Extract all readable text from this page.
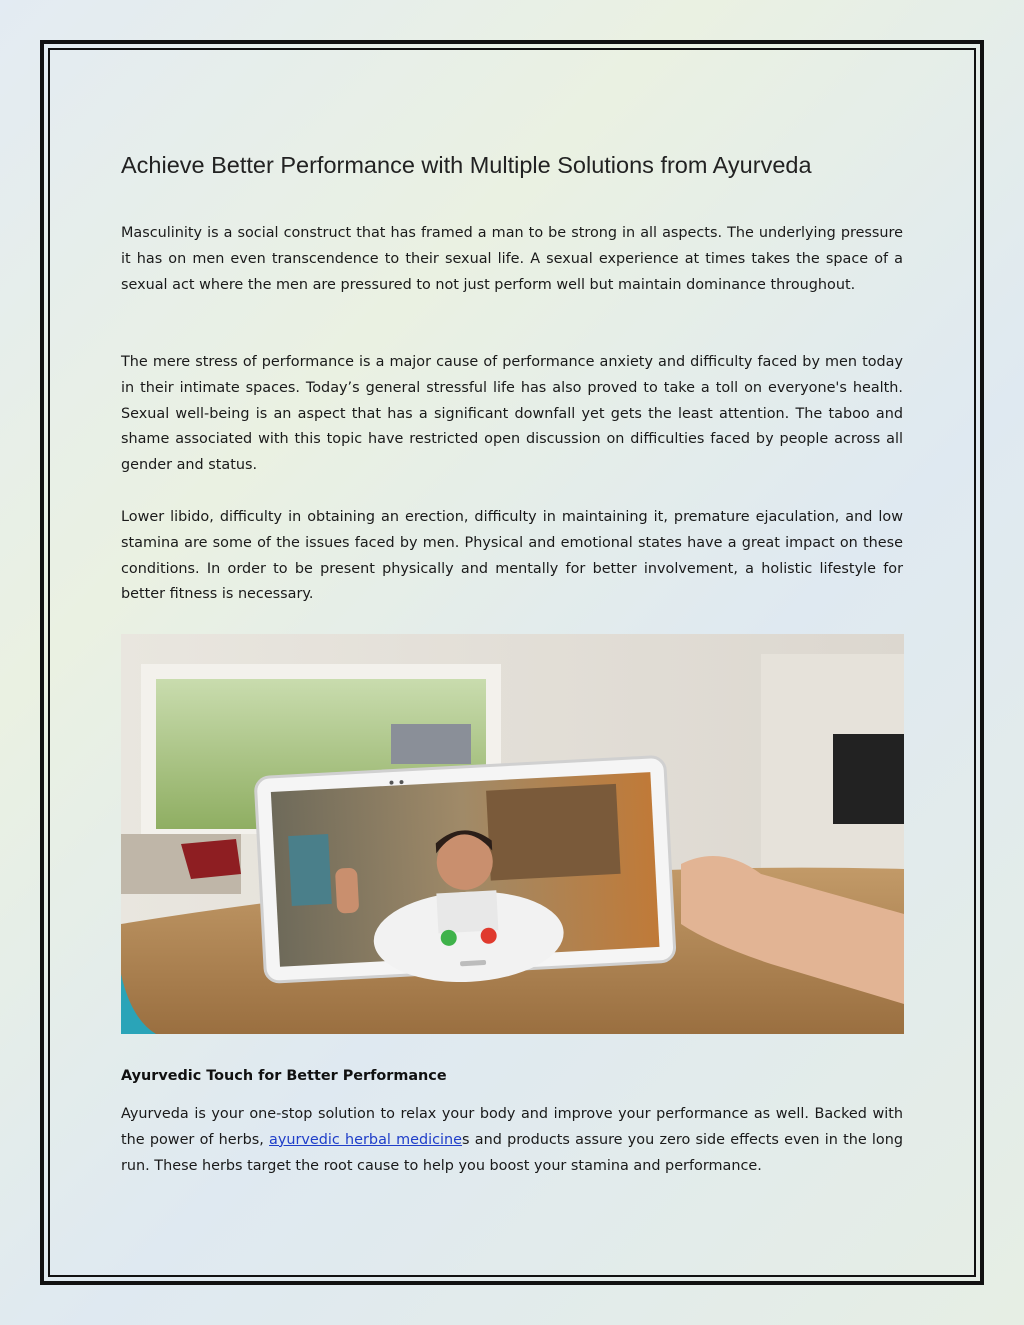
Achieve Better Performance with Multiple Solutions from Ayurveda

Masculinity is a social construct that has framed a man to be strong in all aspects. The underlying pressure it has on men even transcendence to their sexual life. A sexual experience at times takes the space of a sexual act where the men are pressured to not just perform well but maintain dominance throughout.

The mere stress of performance is a major cause of performance anxiety and difficulty faced by men today in their intimate spaces. Today’s general stressful life has also proved to take a toll on everyone's health. Sexual well-being is an aspect that has a significant downfall yet gets the least attention. The taboo and shame associated with this topic have restricted open discussion on difficulties faced by people across all gender and status.

Lower libido, difficulty in obtaining an erection, difficulty in maintaining it, premature ejaculation, and low stamina are some of the issues faced by men. Physical and emotional states have a great impact on these conditions. In order to be present physically and mentally for better involvement, a holistic lifestyle for better fitness is necessary.

Ayurvedic Touch for Better Performance

Ayurveda is your one-stop solution to relax your body and improve your performance as well. Backed with the power of herbs, ayurvedic herbal medicines and products assure you zero side effects even in the long run. These herbs target the root cause to help you boost your stamina and performance.
